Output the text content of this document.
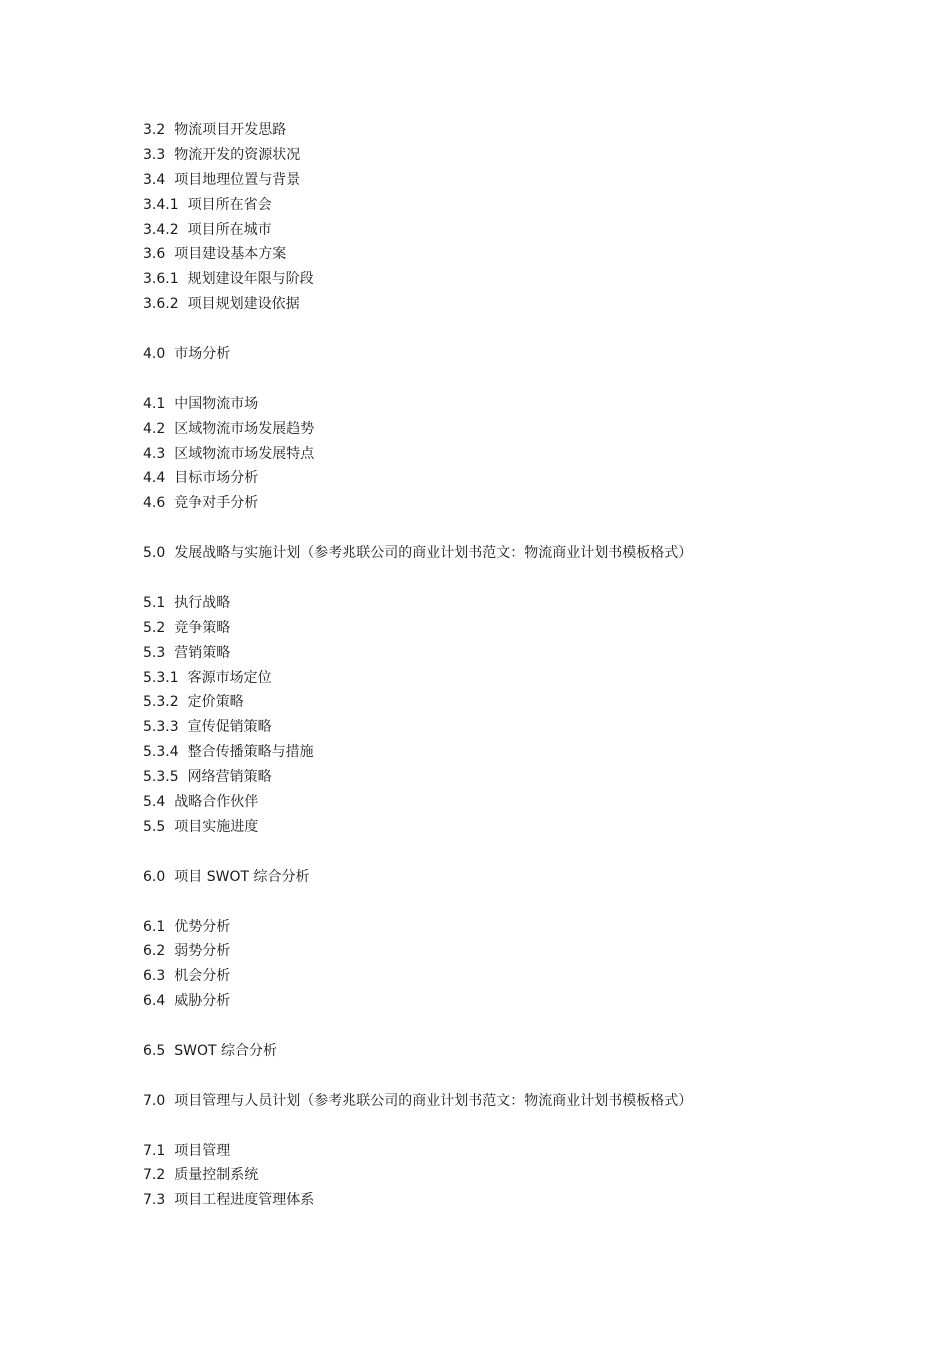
3.2 物流项目开发思路
3.3 物流开发的资源状况
3.4 项目地理位置与背景
3.4.1 项目所在省会
3.4.2 项目所在城市
3.6 项目建设基本方案
3.6.1 规划建设年限与阶段
3.6.2 项目规划建设依据
4.0 市场分析
4.1 中国物流市场
4.2 区域物流市场发展趋势
4.3 区域物流市场发展特点
4.4 目标市场分析
4.6 竞争对手分析
5.0 发展战略与实施计划（参考兆联公司的商业计划书范文：物流商业计划书模板格式）
5.1 执行战略
5.2 竞争策略
5.3 营销策略
5.3.1 客源市场定位
5.3.2 定价策略
5.3.3 宣传促销策略
5.3.4 整合传播策略与措施
5.3.5 网络营销策略
5.4 战略合作伙伴
5.5 项目实施进度
6.0 项目 SWOT 综合分析
6.1 优势分析
6.2 弱势分析
6.3 机会分析
6.4 威胁分析
6.5 SWOT 综合分析
7.0 项目管理与人员计划（参考兆联公司的商业计划书范文：物流商业计划书模板格式）
7.1 项目管理
7.2 质量控制系统
7.3 项目工程进度管理体系
